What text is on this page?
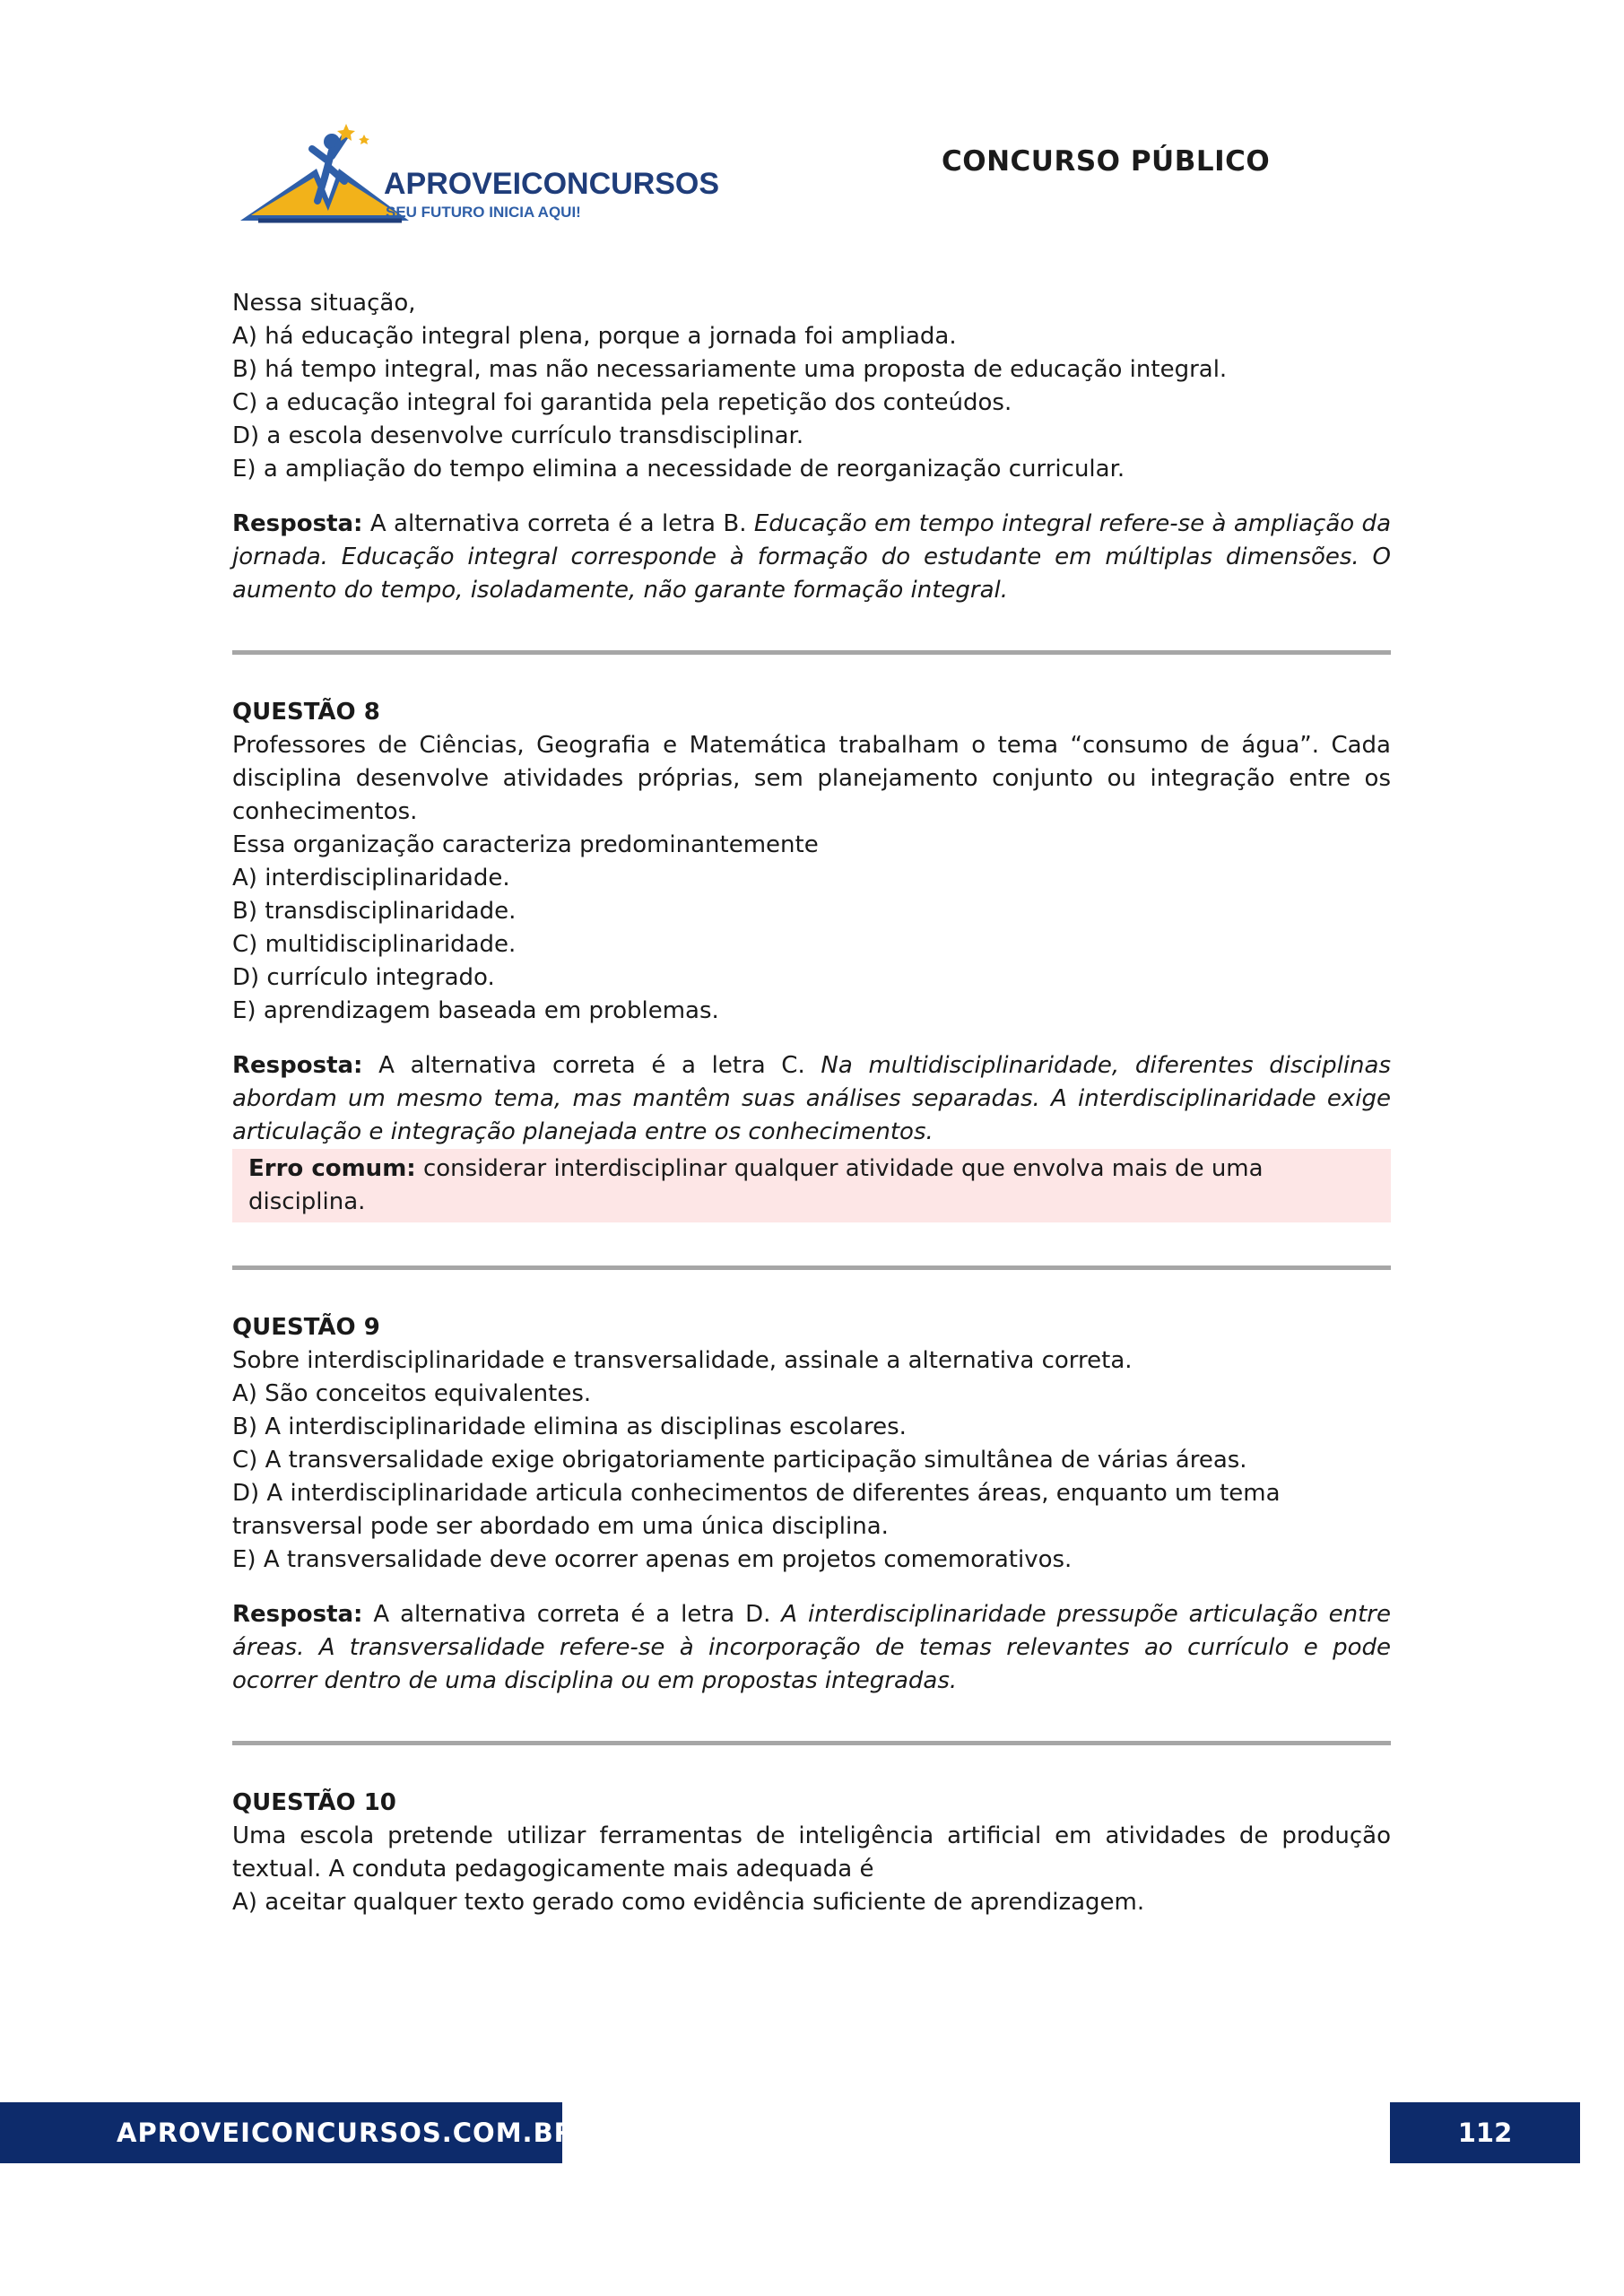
APROVEICONCURSOS
SEU FUTURO INICIA AQUI!
CONCURSO PÚBLICO

Nessa situação,

A) há educação integral plena, porque a jornada foi ampliada.

B) há tempo integral, mas não necessariamente uma proposta de educação integral.

C) a educação integral foi garantida pela repetição dos conteúdos.

D) a escola desenvolve currículo transdisciplinar.

E) a ampliação do tempo elimina a necessidade de reorganização curricular.

Resposta: A alternativa correta é a letra B. Educação em tempo integral refere-se à ampliação da jornada. Educação integral corresponde à formação do estudante em múltiplas dimensões. O aumento do tempo, isoladamente, não garante formação integral.

QUESTÃO 8

Professores de Ciências, Geografia e Matemática trabalham o tema “consumo de água”. Cada disciplina desenvolve atividades próprias, sem planejamento conjunto ou integração entre os conhecimentos.

Essa organização caracteriza predominantemente

A) interdisciplinaridade.

B) transdisciplinaridade.

C) multidisciplinaridade.

D) currículo integrado.

E) aprendizagem baseada em problemas.

Resposta: A alternativa correta é a letra C. Na multidisciplinaridade, diferentes disciplinas abordam um mesmo tema, mas mantêm suas análises separadas. A interdisciplinaridade exige articulação e integração planejada entre os conhecimentos.

Erro comum: considerar interdisciplinar qualquer atividade que envolva mais de uma disciplina.

QUESTÃO 9

Sobre interdisciplinaridade e transversalidade, assinale a alternativa correta.

A) São conceitos equivalentes.

B) A interdisciplinaridade elimina as disciplinas escolares.

C) A transversalidade exige obrigatoriamente participação simultânea de várias áreas.

D) A interdisciplinaridade articula conhecimentos de diferentes áreas, enquanto um tema transversal pode ser abordado em uma única disciplina.

E) A transversalidade deve ocorrer apenas em projetos comemorativos.

Resposta: A alternativa correta é a letra D. A interdisciplinaridade pressupõe articulação entre áreas. A transversalidade refere-se à incorporação de temas relevantes ao currículo e pode ocorrer dentro de uma disciplina ou em propostas integradas.

QUESTÃO 10

Uma escola pretende utilizar ferramentas de inteligência artificial em atividades de produção textual. A conduta pedagogicamente mais adequada é

A) aceitar qualquer texto gerado como evidência suficiente de aprendizagem.

APROVEICONCURSOS.COM.BR	112
